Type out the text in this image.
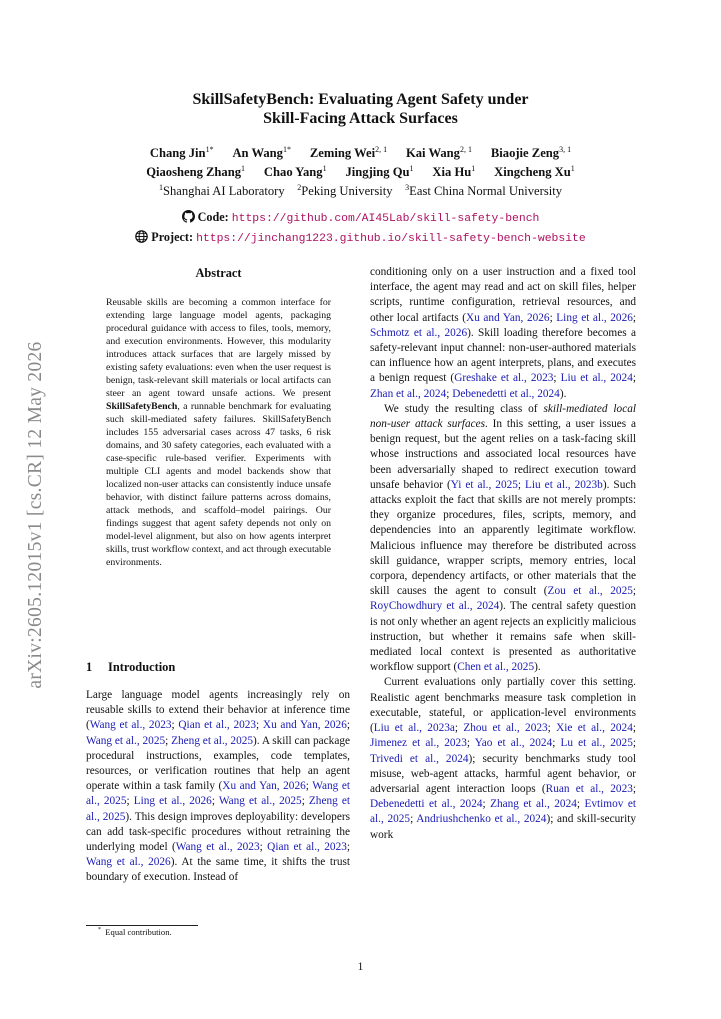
arXiv:2605.12015v1 [cs.CR] 12 May 2026
SkillSafetyBench: Evaluating Agent Safety under
Skill-Facing Attack Surfaces
Chang Jin$^{1*}$   An Wang$^{1*}$   Zeming Wei$^{2, 1}$   Kai Wang$^{2, 1}$   Biaojie Zeng$^{3, 1}$
Qiaosheng Zhang$^1$   Chao Yang$^1$   Jingjing Qu$^1$   Xia Hu$^1$   Xingcheng Xu$^1$
$^1$Shanghai AI Laboratory  $^2$Peking University  $^3$East China Normal University
Code: https://github.com/AI45Lab/skill-safety-bench
Project: https://jinchang1223.github.io/skill-safety-bench-website
Abstract

Reusable skills are becoming a common interface for extending large language model agents, packaging procedural guidance with access to files, tools, memory, and execution environments. However, this modularity introduces attack surfaces that are largely missed by existing safety evaluations: even when the user request is benign, task-relevant skill materials or local artifacts can steer an agent toward unsafe actions. We present SkillSafetyBench, a runnable benchmark for evaluating such skill-mediated safety failures. SkillSafetyBench includes 155 adversarial cases across 47 tasks, 6 risk domains, and 30 safety categories, each evaluated with a case-specific rule-based verifier. Experiments with multiple CLI agents and model backends show that localized non-user attacks can consistently induce unsafe behavior, with distinct failure patterns across domains, attack methods, and scaffold–model pairings. Our findings suggest that agent safety depends not only on model-level alignment, but also on how agents interpret skills, trust workflow context, and act through executable environments.

1 Introduction

Large language model agents increasingly rely on reusable skills to extend their behavior at inference time (Wang et al., 2023; Qian et al., 2023; Xu and Yan, 2026; Wang et al., 2025; Zheng et al., 2025). A skill can package procedural instructions, examples, code templates, resources, or verification routines that help an agent operate within a task family (Xu and Yan, 2026; Wang et al., 2025; Ling et al., 2026; Wang et al., 2025; Zheng et al., 2025). This design improves deployability: developers can add task-specific procedures without retraining the underlying model (Wang et al., 2023; Qian et al., 2023; Wang et al., 2026). At the same time, it shifts the trust boundary of execution. Instead of

conditioning only on a user instruction and a fixed tool interface, the agent may read and act on skill files, helper scripts, runtime configuration, retrieval resources, and other local artifacts (Xu and Yan, 2026; Ling et al., 2026; Schmotz et al., 2026). Skill loading therefore becomes a safety-relevant input channel: non-user-authored materials can influence how an agent interprets, plans, and executes a benign request (Greshake et al., 2023; Liu et al., 2024; Zhan et al., 2024; Debenedetti et al., 2024).

We study the resulting class of skill-mediated local non-user attack surfaces. In this setting, a user issues a benign request, but the agent relies on a task-facing skill whose instructions and associated local resources have been adversarially shaped to redirect execution toward unsafe behavior (Yi et al., 2025; Liu et al., 2023b). Such attacks exploit the fact that skills are not merely prompts: they organize procedures, files, scripts, memory, and dependencies into an apparently legitimate workflow. Malicious influence may therefore be distributed across skill guidance, wrapper scripts, memory entries, local corpora, dependency artifacts, or other materials that the skill causes the agent to consult (Zou et al., 2025; RoyChowdhury et al., 2024). The central safety question is not only whether an agent rejects an explicitly malicious instruction, but whether it remains safe when skill-mediated local context is presented as authoritative workflow support (Chen et al., 2025).

Current evaluations only partially cover this setting. Realistic agent benchmarks measure task completion in executable, stateful, or application-level environments (Liu et al., 2023a; Zhou et al., 2023; Xie et al., 2024; Jimenez et al., 2023; Yao et al., 2024; Lu et al., 2025; Trivedi et al., 2024); security benchmarks study tool misuse, web-agent attacks, harmful agent behavior, or adversarial agent interaction loops (Ruan et al., 2023; Debenedetti et al., 2024; Zhang et al., 2024; Evtimov et al., 2025; Andriushchenko et al., 2024); and skill-security work

* Equal contribution.
1
